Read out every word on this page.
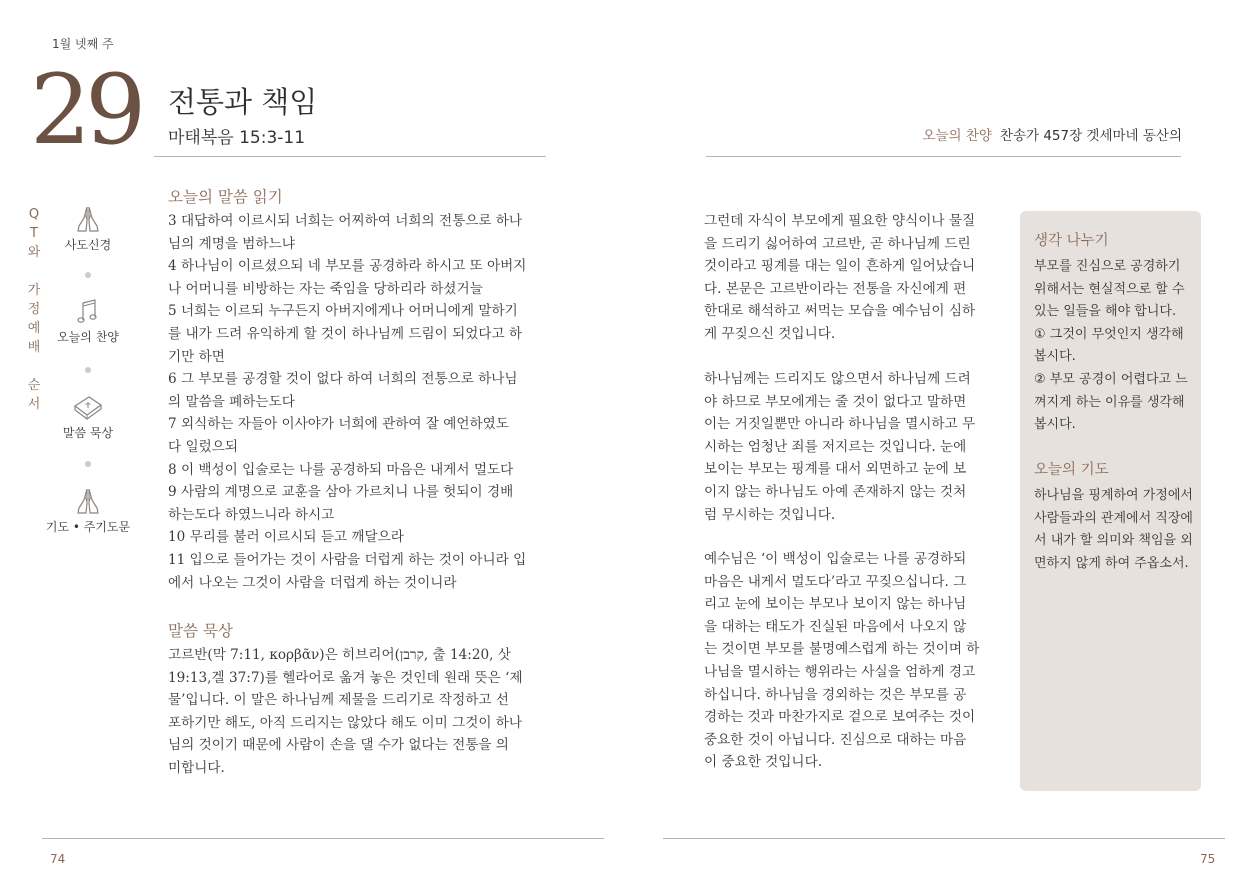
1월 넷째 주
29 전통과 책임
마태복음 15:3-11	오늘의 찬양 찬송가 457장 겟세마네 동산의
Q
T
와
가
정
예
배
순
서
사도신경
오늘의 찬양
말씀 묵상
기도 • 주기도문
오늘의 말씀 읽기
3 대답하여 이르시되 너희는 어찌하여 너희의 전통으로 하나
님의 계명을 범하느냐
4 하나님이 이르셨으되 네 부모를 공경하라 하시고 또 아버지
나 어머니를 비방하는 자는 죽임을 당하리라 하셨거늘
5 너희는 이르되 누구든지 아버지에게나 어머니에게 말하기
를 내가 드려 유익하게 할 것이 하나님께 드림이 되었다고 하
기만 하면
6 그 부모를 공경할 것이 없다 하여 너희의 전통으로 하나님
의 말씀을 폐하는도다
7 외식하는 자들아 이사야가 너희에 관하여 잘 예언하였도
다 일렀으되
8 이 백성이 입술로는 나를 공경하되 마음은 내게서 멀도다
9 사람의 계명으로 교훈을 삼아 가르치니 나를 헛되이 경배
하는도다 하였느니라 하시고
10 무리를 불러 이르시되 듣고 깨달으라
11 입으로 들어가는 것이 사람을 더럽게 하는 것이 아니라 입
에서 나오는 그것이 사람을 더럽게 하는 것이니라
말씀 묵상
고르반(막 7:11, κορβᾶν)은 히브리어(קרבן, 출 14:20, 삿
19:13,겔 37:7)를 헬라어로 옮겨 놓은 것인데 원래 뜻은 ‘제
물’입니다. 이 말은 하나님께 제물을 드리기로 작정하고 선
포하기만 해도, 아직 드리지는 않았다 해도 이미 그것이 하나
님의 것이기 때문에 사람이 손을 댈 수가 없다는 전통을 의
미합니다.
그런데 자식이 부모에게 필요한 양식이나 물질
을 드리기 싫어하여 고르반, 곧 하나님께 드린
것이라고 핑계를 대는 일이 흔하게 일어났습니
다. 본문은 고르반이라는 전통을 자신에게 편
한대로 해석하고 써먹는 모습을 예수님이 심하
게 꾸짖으신 것입니다.
하나님께는 드리지도 않으면서 하나님께 드려
야 하므로 부모에게는 줄 것이 없다고 말하면
이는 거짓일뿐만 아니라 하나님을 멸시하고 무
시하는 엄청난 죄를 저지르는 것입니다. 눈에
보이는 부모는 핑계를 대서 외면하고 눈에 보
이지 않는 하나님도 아예 존재하지 않는 것처
럼 무시하는 것입니다.
예수님은 ‘이 백성이 입술로는 나를 공경하되
마음은 내게서 멀도다’라고 꾸짖으십니다. 그
리고 눈에 보이는 부모나 보이지 않는 하나님
을 대하는 태도가 진실된 마음에서 나오지 않
는 것이면 부모를 불명예스럽게 하는 것이며 하
나님을 멸시하는 행위라는 사실을 엄하게 경고
하십니다. 하나님을 경외하는 것은 부모를 공
경하는 것과 마찬가지로 겉으로 보여주는 것이
중요한 것이 아닙니다. 진심으로 대하는 마음
이 중요한 것입니다.
생각 나누기
부모를 진심으로 공경하기
위해서는 현실적으로 할 수
있는 일들을 해야 합니다.
① 그것이 무엇인지 생각해
봅시다.
② 부모 공경이 어렵다고 느
껴지게 하는 이유를 생각해
봅시다.
오늘의 기도
하나님을 핑계하여 가정에서
사람들과의 관계에서 직장에
서 내가 할 의미와 책임을 외
면하지 않게 하여 주옵소서.
74	75
